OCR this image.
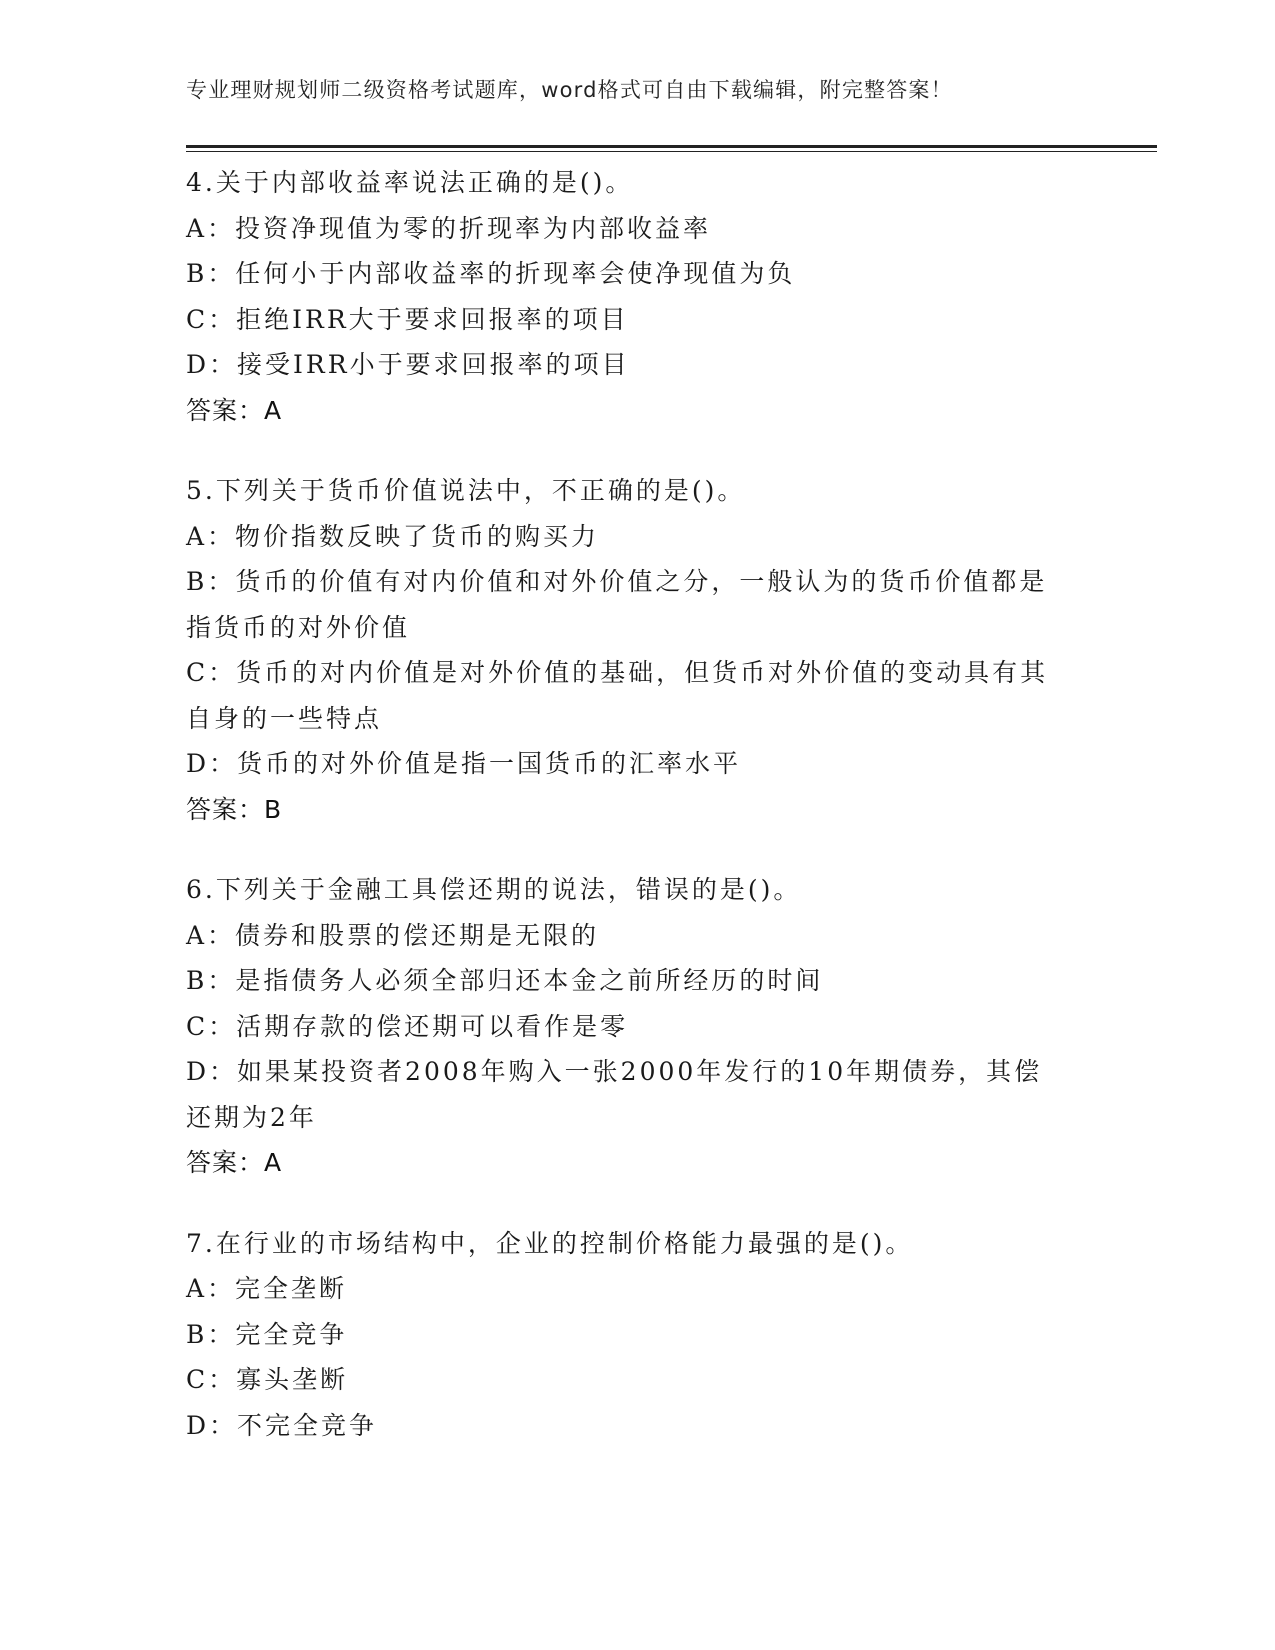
专业理财规划师二级资格考试题库，word格式可自由下载编辑，附完整答案！
4.关于内部收益率说法正确的是()。
A：投资净现值为零的折现率为内部收益率
B：任何小于内部收益率的折现率会使净现值为负
C：拒绝IRR大于要求回报率的项目
D：接受IRR小于要求回报率的项目
答案：A
5.下列关于货币价值说法中，不正确的是()。
A：物价指数反映了货币的购买力
B：货币的价值有对内价值和对外价值之分，一般认为的货币价值都是
指货币的对外价值
C：货币的对内价值是对外价值的基础，但货币对外价值的变动具有其
自身的一些特点
D：货币的对外价值是指一国货币的汇率水平
答案：B
6.下列关于金融工具偿还期的说法，错误的是()。
A：债券和股票的偿还期是无限的
B：是指债务人必须全部归还本金之前所经历的时间
C：活期存款的偿还期可以看作是零
D：如果某投资者2008年购入一张2000年发行的10年期债券，其偿
还期为2年
答案：A
7.在行业的市场结构中，企业的控制价格能力最强的是()。
A：完全垄断
B：完全竞争
C：寡头垄断
D：不完全竞争
